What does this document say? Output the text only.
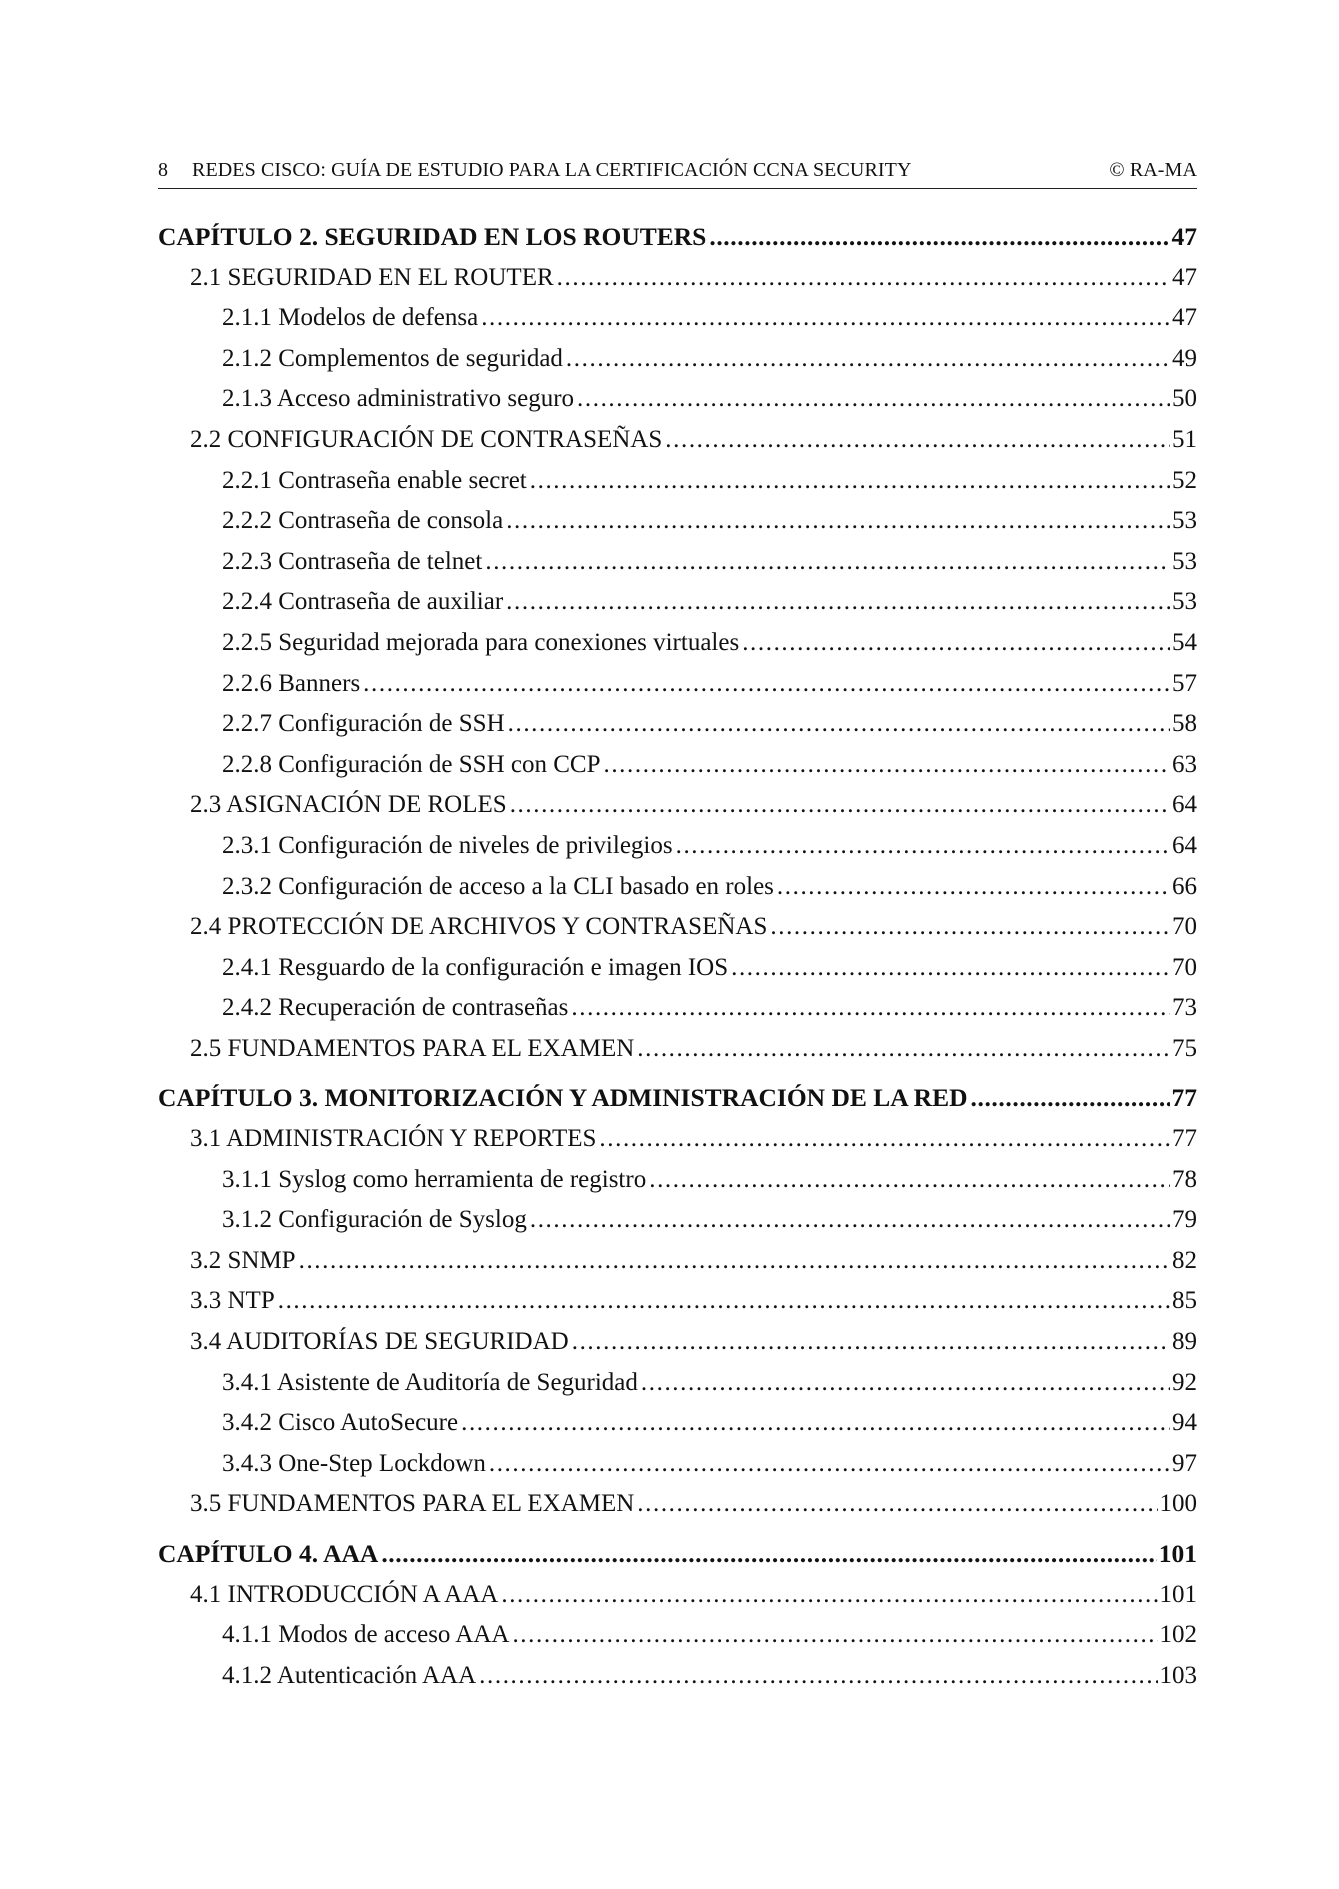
8 REDES CISCO: GUÍA DE ESTUDIO PARA LA CERTIFICACIÓN CCNA SECURITY	© RA-MA
CAPÍTULO 2. SEGURIDAD EN LOS ROUTERS .....	47
2.1 SEGURIDAD EN EL ROUTER .....	47
2.1.1 Modelos de defensa .....	47
2.1.2 Complementos de seguridad .....	49
2.1.3 Acceso administrativo seguro .....	50
2.2 CONFIGURACIÓN DE CONTRASEÑAS .....	51
2.2.1 Contraseña enable secret .....	52
2.2.2 Contraseña de consola .....	53
2.2.3 Contraseña de telnet .....	53
2.2.4 Contraseña de auxiliar .....	53
2.2.5 Seguridad mejorada para conexiones virtuales .....	54
2.2.6 Banners .....	57
2.2.7 Configuración de SSH .....	58
2.2.8 Configuración de SSH con CCP .....	63
2.3 ASIGNACIÓN DE ROLES .....	64
2.3.1 Configuración de niveles de privilegios .....	64
2.3.2 Configuración de acceso a la CLI basado en roles .....	66
2.4 PROTECCIÓN DE ARCHIVOS Y CONTRASEÑAS .....	70
2.4.1 Resguardo de la configuración e imagen IOS .....	70
2.4.2 Recuperación de contraseñas .....	73
2.5 FUNDAMENTOS PARA EL EXAMEN .....	75
CAPÍTULO 3. MONITORIZACIÓN Y ADMINISTRACIÓN DE LA RED .....	77
3.1 ADMINISTRACIÓN Y REPORTES .....	77
3.1.1 Syslog como herramienta de registro .....	78
3.1.2 Configuración de Syslog .....	79
3.2 SNMP .....	82
3.3 NTP .....	85
3.4 AUDITORÍAS DE SEGURIDAD .....	89
3.4.1 Asistente de Auditoría de Seguridad .....	92
3.4.2 Cisco AutoSecure .....	94
3.4.3 One-Step Lockdown .....	97
3.5 FUNDAMENTOS PARA EL EXAMEN .....	100
CAPÍTULO 4. AAA .....	101
4.1 INTRODUCCIÓN A AAA .....	101
4.1.1 Modos de acceso AAA .....	102
4.1.2 Autenticación AAA .....	103
